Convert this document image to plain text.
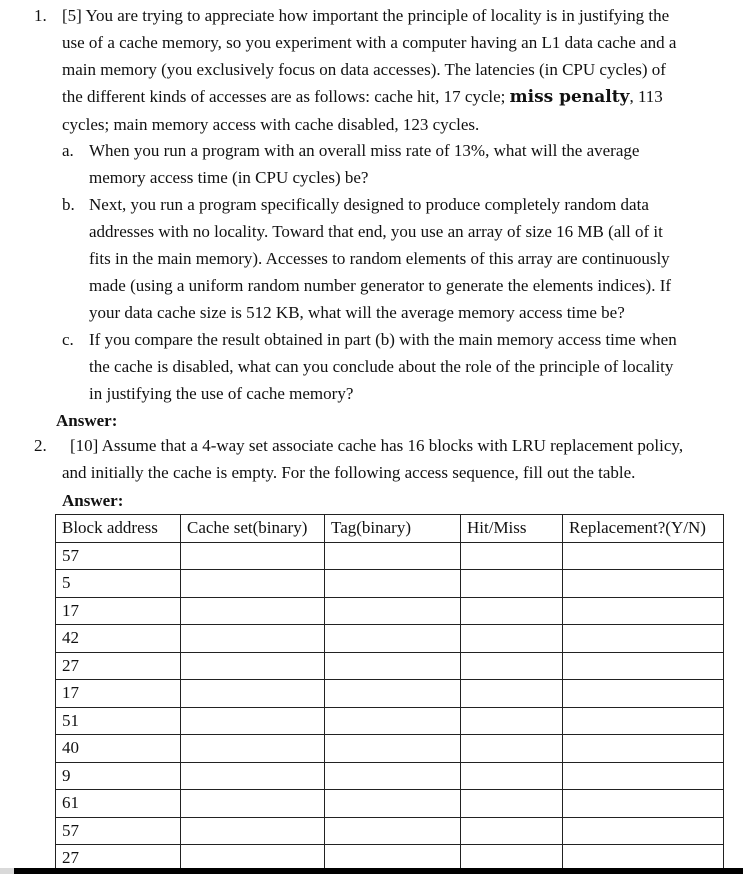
1. [5] You are trying to appreciate how important the principle of locality is in justifying the
use of a cache memory, so you experiment with a computer having an L1 data cache and a
main memory (you exclusively focus on data accesses). The latencies (in CPU cycles) of
the different kinds of accesses are as follows: cache hit, 17 cycle; miss penalty, 113
cycles; main memory access with cache disabled, 123 cycles.
a. When you run a program with an overall miss rate of 13%, what will the average
memory access time (in CPU cycles) be?
b. Next, you run a program specifically designed to produce completely random data
addresses with no locality. Toward that end, you use an array of size 16 MB (all of it
fits in the main memory). Accesses to random elements of this array are continuously
made (using a uniform random number generator to generate the elements indices). If
your data cache size is 512 KB, what will the average memory access time be?
c. If you compare the result obtained in part (b) with the main memory access time when
the cache is disabled, what can you conclude about the role of the principle of locality
in justifying the use of cache memory?
Answer:
2.	[10] Assume that a 4-way set associate cache has 16 blocks with LRU replacement policy,
and initially the cache is empty. For the following access sequence, fill out the table.
Answer:
Block address	Cache set(binary)	Tag(binary)	Hit/Miss	Replacement?(Y/N)
57				
5				
17				
42				
27				
17				
51				
40				
9				
61				
57				
27				
